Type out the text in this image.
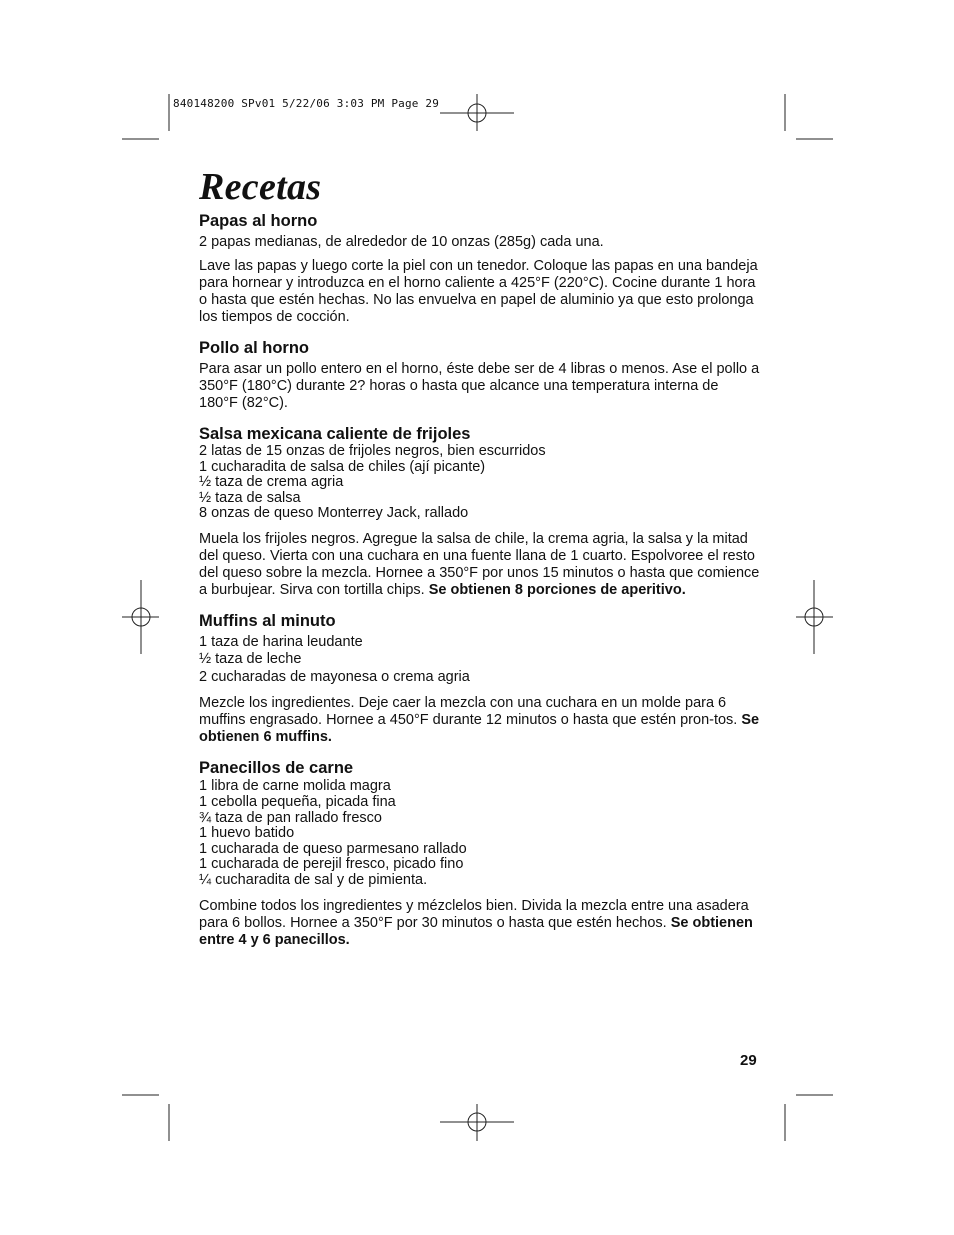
840148200 SPv01 5/22/06 3:03 PM Page 29
Recetas
Papas al horno

2 papas medianas, de alrededor de 10 onzas (285g) cada una.

Lave las papas y luego corte la piel con un tenedor. Coloque las papas en una bandeja para hornear y introduzca en el horno caliente a 425°F (220°C). Cocine durante 1 hora o hasta que estén hechas. No las envuelva en papel de aluminio ya que esto prolonga los tiempos de cocción.

Pollo al horno

Para asar un pollo entero en el horno, éste debe ser de 4 libras o menos. Ase el pollo a 350°F (180°C) durante 2? horas o hasta que alcance una temperatura interna de 180°F (82°C).

Salsa mexicana caliente de frijoles
2 latas de 15 onzas de frijoles negros, bien escurridos
1 cucharadita de salsa de chiles (ají picante)
½ taza de crema agria
½ taza de salsa
8 onzas de queso Monterrey Jack, rallado

Muela los frijoles negros. Agregue la salsa de chile, la crema agria, la salsa y la mitad del queso. Vierta con una cuchara en una fuente llana de 1 cuarto. Espolvoree el resto del queso sobre la mezcla. Hornee a 350°F por unos 15 minutos o hasta que comience a burbujear. Sirva con tortilla chips. Se obtienen 8 porciones de aperitivo.

Muffins al minuto
1 taza de harina leudante
½ taza de leche
2 cucharadas de mayonesa o crema agria

Mezcle los ingredientes. Deje caer la mezcla con una cuchara en un molde para 6 muffins engrasado. Hornee a 450°F durante 12 minutos o hasta que estén pron-tos. Se obtienen 6 muffins.

Panecillos de carne
1 libra de carne molida magra
1 cebolla pequeña, picada fina
¾ taza de pan rallado fresco
1 huevo batido
1 cucharada de queso parmesano rallado
1 cucharada de perejil fresco, picado fino
¼ cucharadita de sal y de pimienta.

Combine todos los ingredientes y mézclelos bien. Divida la mezcla entre una asadera para 6 bollos. Hornee a 350°F por 30 minutos o hasta que estén hechos. Se obtienen entre 4 y 6 panecillos.

29
